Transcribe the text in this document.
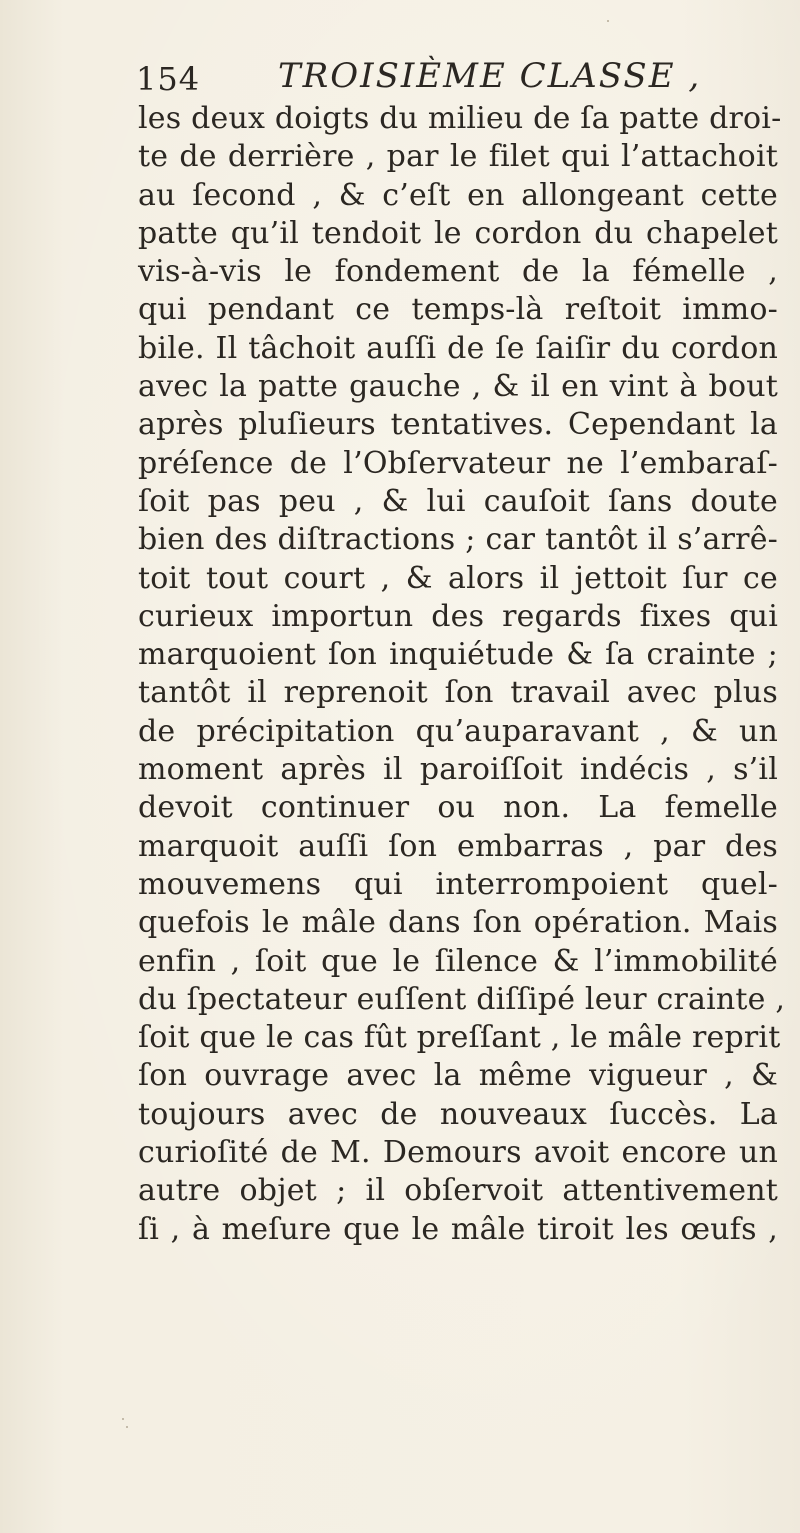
154 TROISIÈME CLASSE ,
les deux doigts du milieu de ſa patte droi-
te de derrière , par le filet qui l’attachoit
au ſecond , & c’eſt en allongeant cette
patte qu’il tendoit le cordon du chapelet
vis-à-vis le fondement de la fémelle ,
qui pendant ce temps-là reſtoit immo-
bile. Il tâchoit auſſi de ſe ſaiſir du cordon
avec la patte gauche , & il en vint à bout
après pluſieurs tentatives. Cependant la
préſence de l’Obſervateur ne l’embaraſ-
ſoit pas peu , & lui cauſoit ſans doute
bien des diſtractions ; car tantôt il s’arrê-
toit tout court , & alors il jettoit ſur ce
curieux importun des regards fixes qui
marquoient ſon inquiétude & ſa crainte ;
tantôt il reprenoit ſon travail avec plus
de précipitation qu’auparavant , & un
moment après il paroiſſoit indécis , s’il
devoit continuer ou non. La femelle
marquoit auſſi ſon embarras , par des
mouvemens qui interrompoient quel-
quefois le mâle dans ſon opération. Mais
enfin , ſoit que le ſilence & l’immobilité
du ſpectateur euſſent diſſipé leur crainte ,
ſoit que le cas fût preſſant , le mâle reprit
ſon ouvrage avec la même vigueur , &
toujours avec de nouveaux ſuccès. La
curioſité de M. Demours avoit encore un
autre objet ; il obſervoit attentivement
ſi , à meſure que le mâle tiroit les œufs ,
